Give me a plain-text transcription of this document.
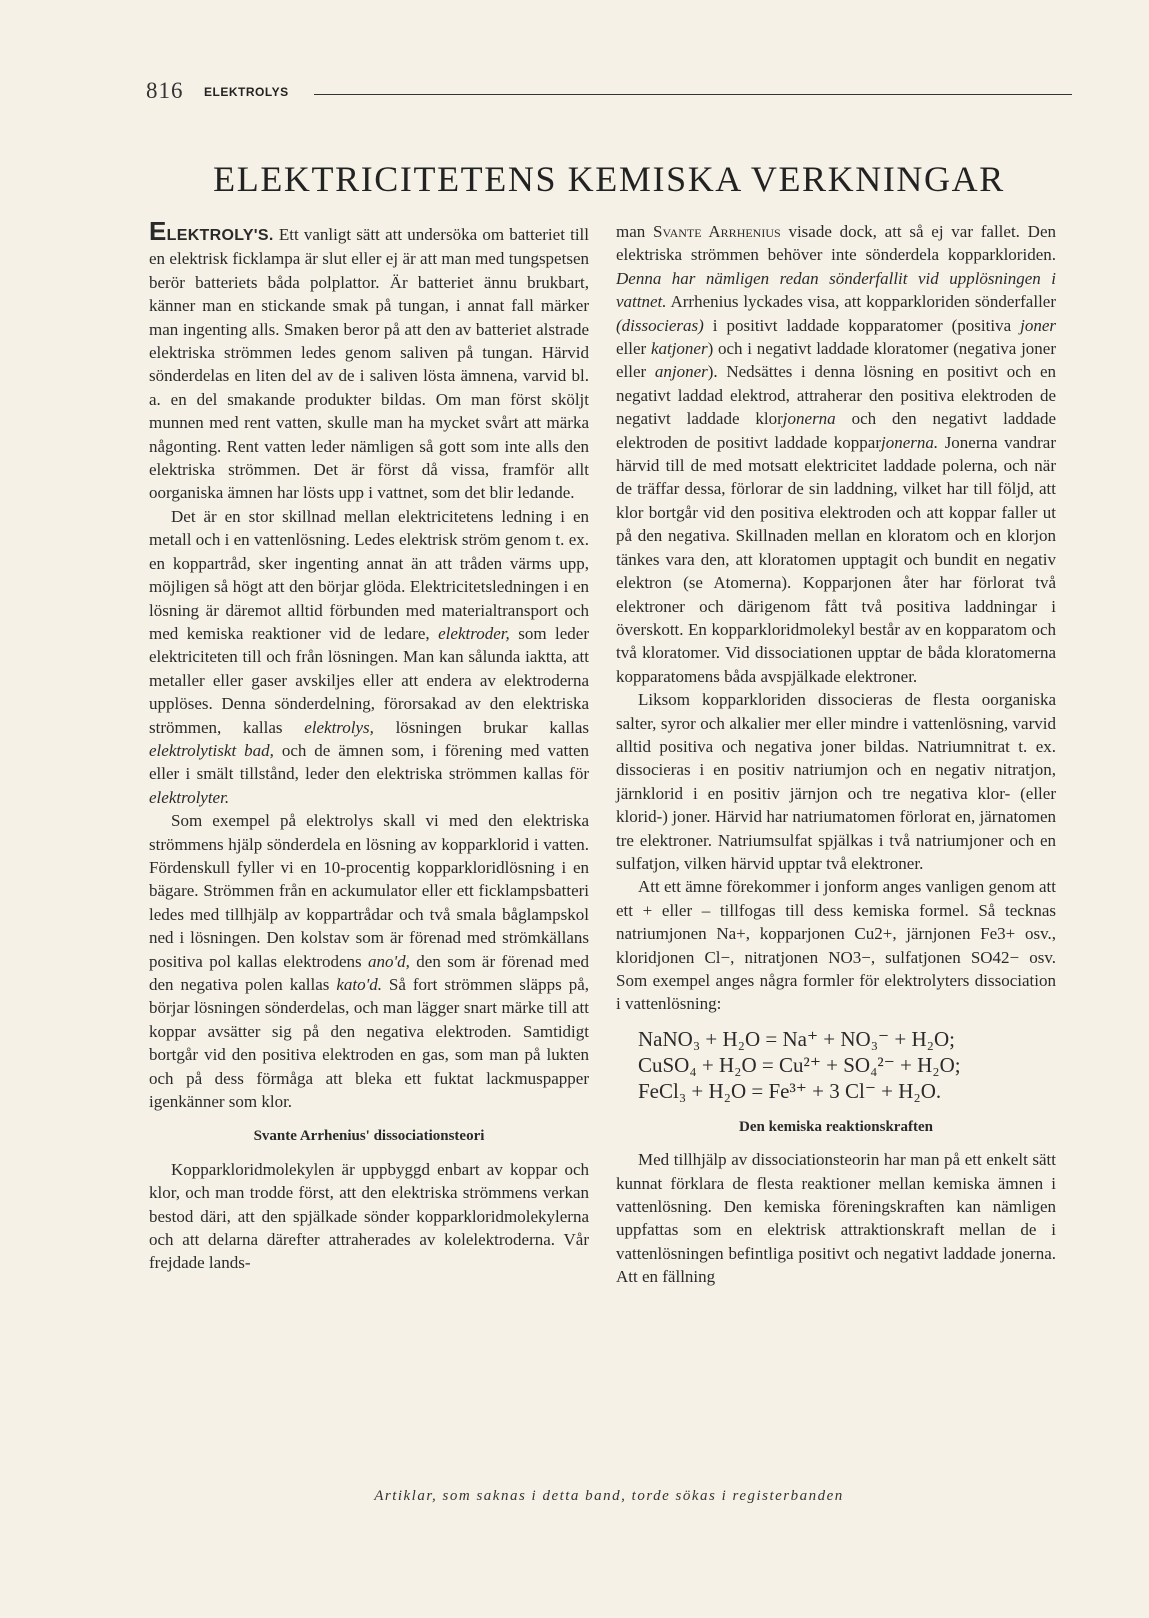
816 ELEKTROLYS
ELEKTRICITETENS KEMISKA VERKNINGAR

ELEKTROLY'S. Ett vanligt sätt att undersöka om batteriet till en elektrisk ficklampa är slut eller ej är att man med tungspetsen berör batteriets båda polplattor. Är batteriet ännu brukbart, känner man en stickande smak på tungan, i annat fall märker man ingenting alls. Smaken beror på att den av batteriet alstrade elektriska strömmen ledes genom saliven på tungan. Härvid sönderdelas en liten del av de i saliven lösta ämnena, varvid bl. a. en del smakande produkter bildas. Om man först sköljt munnen med rent vatten, skulle man ha mycket svårt att märka någonting. Rent vatten leder nämligen så gott som inte alls den elektriska strömmen. Det är först då vissa, framför allt oorganiska ämnen har lösts upp i vattnet, som det blir ledande.

Det är en stor skillnad mellan elektricitetens ledning i en metall och i en vattenlösning. Ledes elektrisk ström genom t. ex. en koppartråd, sker ingenting annat än att tråden värms upp, möjligen så högt att den börjar glöda. Elektricitetsledningen i en lösning är däremot alltid förbunden med materialtransport och med kemiska reaktioner vid de ledare, elektroder, som leder elektriciteten till och från lösningen. Man kan sålunda iakttа, att metaller eller gaser avskiljes eller att endera av elektroderna upplöses. Denna sönderdelning, förorsakad av den elektriska strömmen, kallas elektrolys, lösningen brukar kallas elektrolytiskt bad, och de ämnen som, i förening med vatten eller i smält tillstånd, leder den elektriska strömmen kallas för elektrolyter.

Som exempel på elektrolys skall vi med den elektriska strömmens hjälp sönderdela en lösning av kopparklorid i vatten. Fördenskull fyller vi en 10-procentig kopparkloridlösning i en bägare. Strömmen från en ackumulator eller ett ficklampsbatteri ledes med tillhjälp av koppartrådar och två smala båglampskol ned i lösningen. Den kolstav som är förenad med strömkällans positiva pol kallas elektrodens ano'd, den som är förenad med den negativa polen kallas kato'd. Så fort strömmen släpps på, börjar lösningen sönderdelas, och man lägger snart märke till att koppar avsätter sig på den negativa elektroden. Samtidigt bortgår vid den positiva elektroden en gas, som man på lukten och på dess förmåga att bleka ett fuktat lackmuspapper igenkänner som klor.

Svante Arrhenius' dissociationsteori

Kopparkloridmolekylen är uppbyggd enbart av koppar och klor, och man trodde först, att den elektriska strömmens verkan bestod däri, att den spjälkade sönder kopparkloridmolekylerna och att delarna därefter attraherades av kolelektroderna. Vår frejdade lands-

man Svante Arrhenius visade dock, att så ej var fallet. Den elektriska strömmen behöver inte sönderdela kopparkloriden. Denna har nämligen redan sönderfallit vid upplösningen i vattnet. Arrhenius lyckades visa, att kopparkloriden sönderfaller (dissocieras) i positivt laddade kopparatomer (positiva joner eller katjoner) och i negativt laddade kloratomer (negativa joner eller anjoner). Nedsättes i denna lösning en positivt och en negativt laddad elektrod, attraherar den positiva elektroden de negativt laddade klorjonerna och den negativt laddade elektroden de positivt laddade kopparjonerna. Jonerna vandrar härvid till de med motsatt elektricitet laddade polerna, och när de träffar dessa, förlorar de sin laddning, vilket har till följd, att klor bortgår vid den positiva elektroden och att koppar faller ut på den negativa. Skillnaden mellan en kloratom och en klorjon tänkes vara den, att kloratomen upptagit och bundit en negativ elektron (se Atomerna). Kopparjonen åter har förlorat två elektroner och därigenom fått två positiva laddningar i överskott. En kopparkloridmolekyl består av en kopparatom och två kloratomer. Vid dissociationen upptar de båda kloratomerna kopparatomens båda avspjälkade elektroner.

Liksom kopparkloriden dissocieras de flesta oorganiska salter, syror och alkalier mer eller mindre i vattenlösning, varvid alltid positiva och negativa joner bildas. Natriumnitrat t. ex. dissocieras i en positiv natriumjon och en negativ nitratjon, järnklorid i en positiv järnjon och tre negativa klor- (eller klorid-) joner. Härvid har natriumatomen förlorat en, järnatomen tre elektroner. Natriumsulfat spjälkas i två natriumjoner och en sulfatjon, vilken härvid upptar två elektroner.

Att ett ämne förekommer i jonform anges vanligen genom att ett + eller – tillfogas till dess kemiska formel. Så tecknas natriumjonen Na+, kopparjonen Cu2+, järnjonen Fe3+ osv., kloridjonen Cl−, nitratjonen NO3−, sulfatjonen SO42− osv. Som exempel anges några formler för elektrolyters dissociation i vattenlösning:

NaNO₃ + H₂O = Na⁺ + NO₃⁻ + H₂O;
CuSO₄ + H₂O = Cu²⁺ + SO₄²⁻ + H₂O;
FeCl₃ + H₂O = Fe³⁺ + 3 Cl⁻ + H₂O.
Den kemiska reaktionskraften

Med tillhjälp av dissociationsteorin har man på ett enkelt sätt kunnat förklara de flesta reaktioner mellan kemiska ämnen i vattenlösning. Den kemiska föreningskraften kan nämligen uppfattas som en elektrisk attraktionskraft mellan de i vattenlösningen befintliga positivt och negativt laddade jonerna. Att en fällning

Artiklar, som saknas i detta band, torde sökas i registerbanden
